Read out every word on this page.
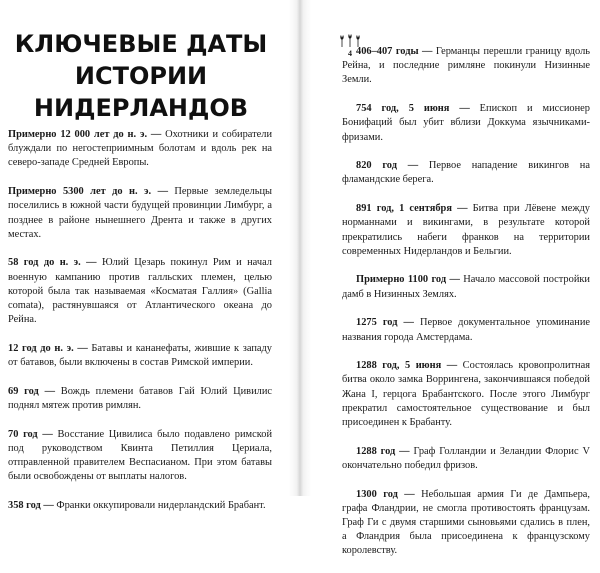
КЛЮЧЕВЫЕ ДАТЫ
ИСТОРИИ
НИДЕРЛАНДОВ

Примерно 12 000 лет до н. э. — Охотники и собиратели блуждали по негостеприимным болотам и вдоль рек на северо-западе Средней Европы.

Примерно 5300 лет до н. э. — Первые земледельцы поселились в южной части будущей провинции Лимбург, а позднее в районе нынешнего Дрента и также в других местах.

58 год до н. э. — Юлий Цезарь покинул Рим и начал военную кампанию против галльских племен, целью которой была так называемая «Косматая Галлия» (Gallia comata), растянувшаяся от Атлантического океана до Рейна.

12 год до н. э. — Батавы и кананефаты, жившие к западу от батавов, были включены в состав Римской империи.

69 год — Вождь племени батавов Гай Юлий Цивилис поднял мятеж против римлян.

70 год — Восстание Цивилиса было подавлено римской под руководством Квинта Петиллия Цериала, отправленной правителем Веспасианом. При этом батавы были освобождены от выплаты налогов.

358 год — Франки оккупировали нидерландский Брабант.

4 406–407 годы — Германцы перешли границу вдоль Рейна, и последние римляне покинули Низинные Земли.

754 год, 5 июня — Епископ и миссионер Бонифаций был убит вблизи Доккума язычниками-фризами.

820 год — Первое нападение викингов на фламандские берега.

891 год, 1 сентября — Битва при Лёвене между норманнами и викингами, в результате которой прекратились набеги франков на территории современных Нидерландов и Бельгии.

Примерно 1100 год — Начало массовой постройки дамб в Низинных Землях.

1275 год — Первое документальное упоминание названия города Амстердама.

1288 год, 5 июня — Состоялась кровопролитная битва около замка Воррингена, закончившаяся победой Жана I, герцога Брабантского. После этого Лимбург прекратил самостоятельное существование и был присоединен к Брабанту.

1288 год — Граф Голландии и Зеландии Флорис V окончательно победил фризов.

1300 год — Небольшая армия Ги де Дампьера, графа Фландрии, не смогла противостоять французам. Граф Ги с двумя старшими сыновьями сдались в плен, а Фландрия была присоединена к французскому королевству.
